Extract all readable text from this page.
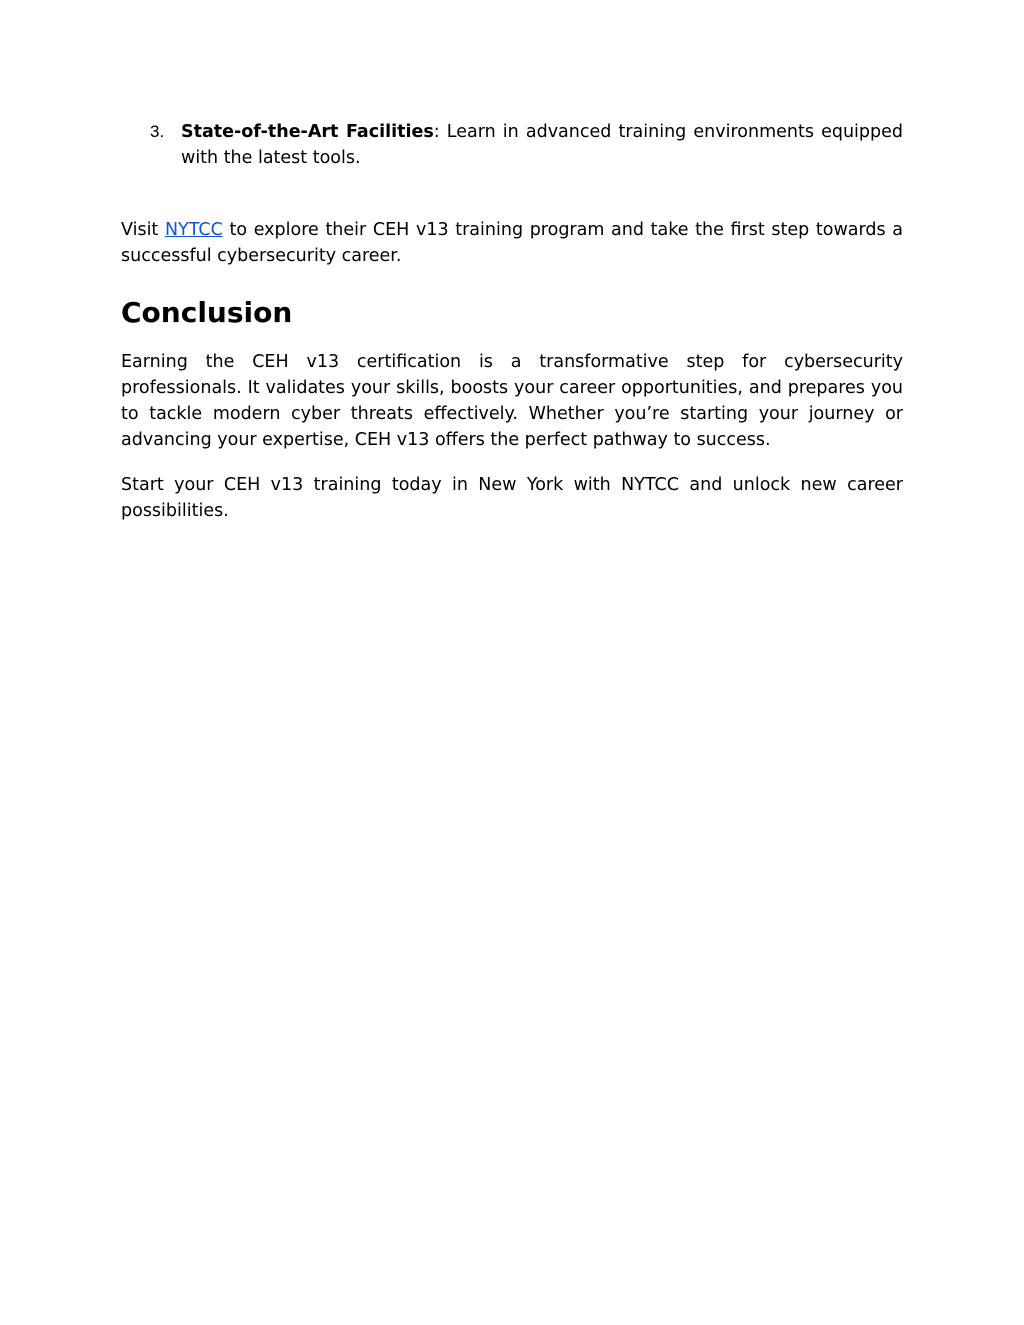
3. State-of-the-Art Facilities: Learn in advanced training environments equipped with the latest tools.

Visit NYTCC to explore their CEH v13 training program and take the first step towards a successful cybersecurity career.

Conclusion

Earning the CEH v13 certification is a transformative step for cybersecurity professionals. It validates your skills, boosts your career opportunities, and prepares you to tackle modern cyber threats effectively. Whether you’re starting your journey or advancing your expertise, CEH v13 offers the perfect pathway to success.

Start your CEH v13 training today in New York with NYTCC and unlock new career possibilities.
